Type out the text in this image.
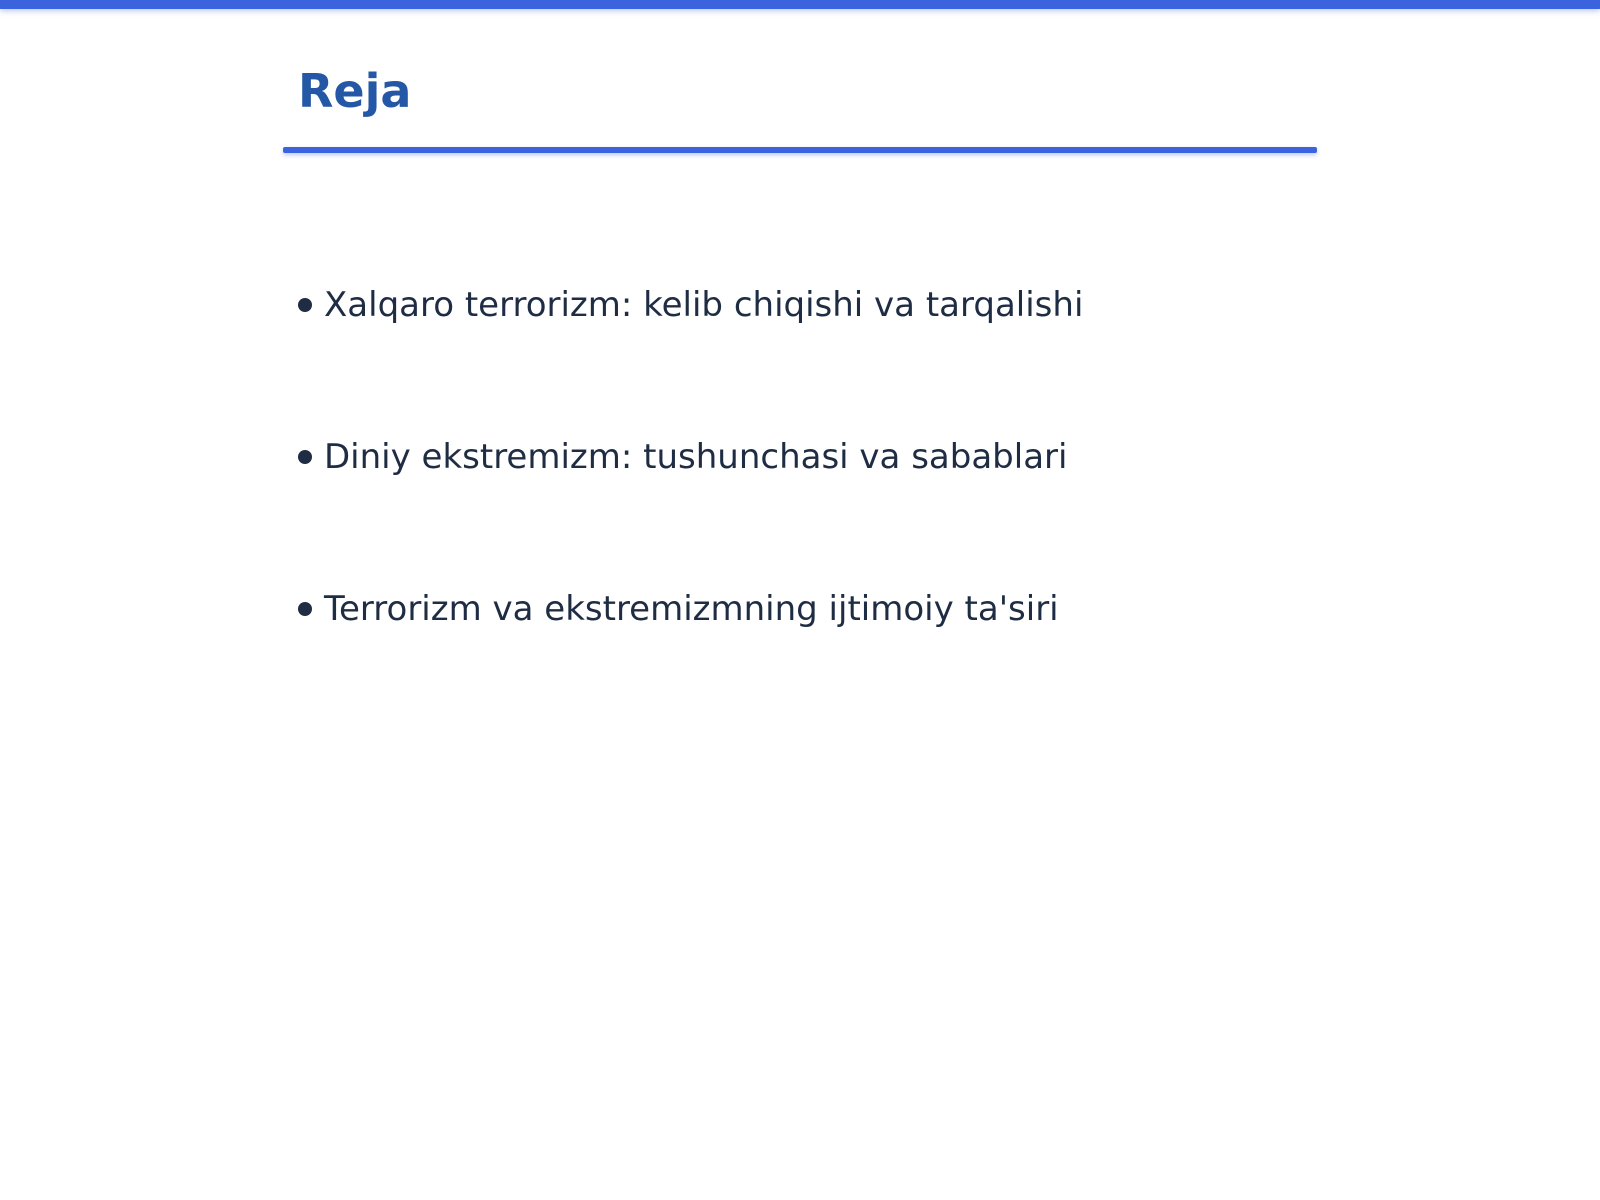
Reja
Xalqaro terrorizm: kelib chiqishi va tarqalishi
Diniy ekstremizm: tushunchasi va sabablari
Terrorizm va ekstremizmning ijtimoiy ta'siri
